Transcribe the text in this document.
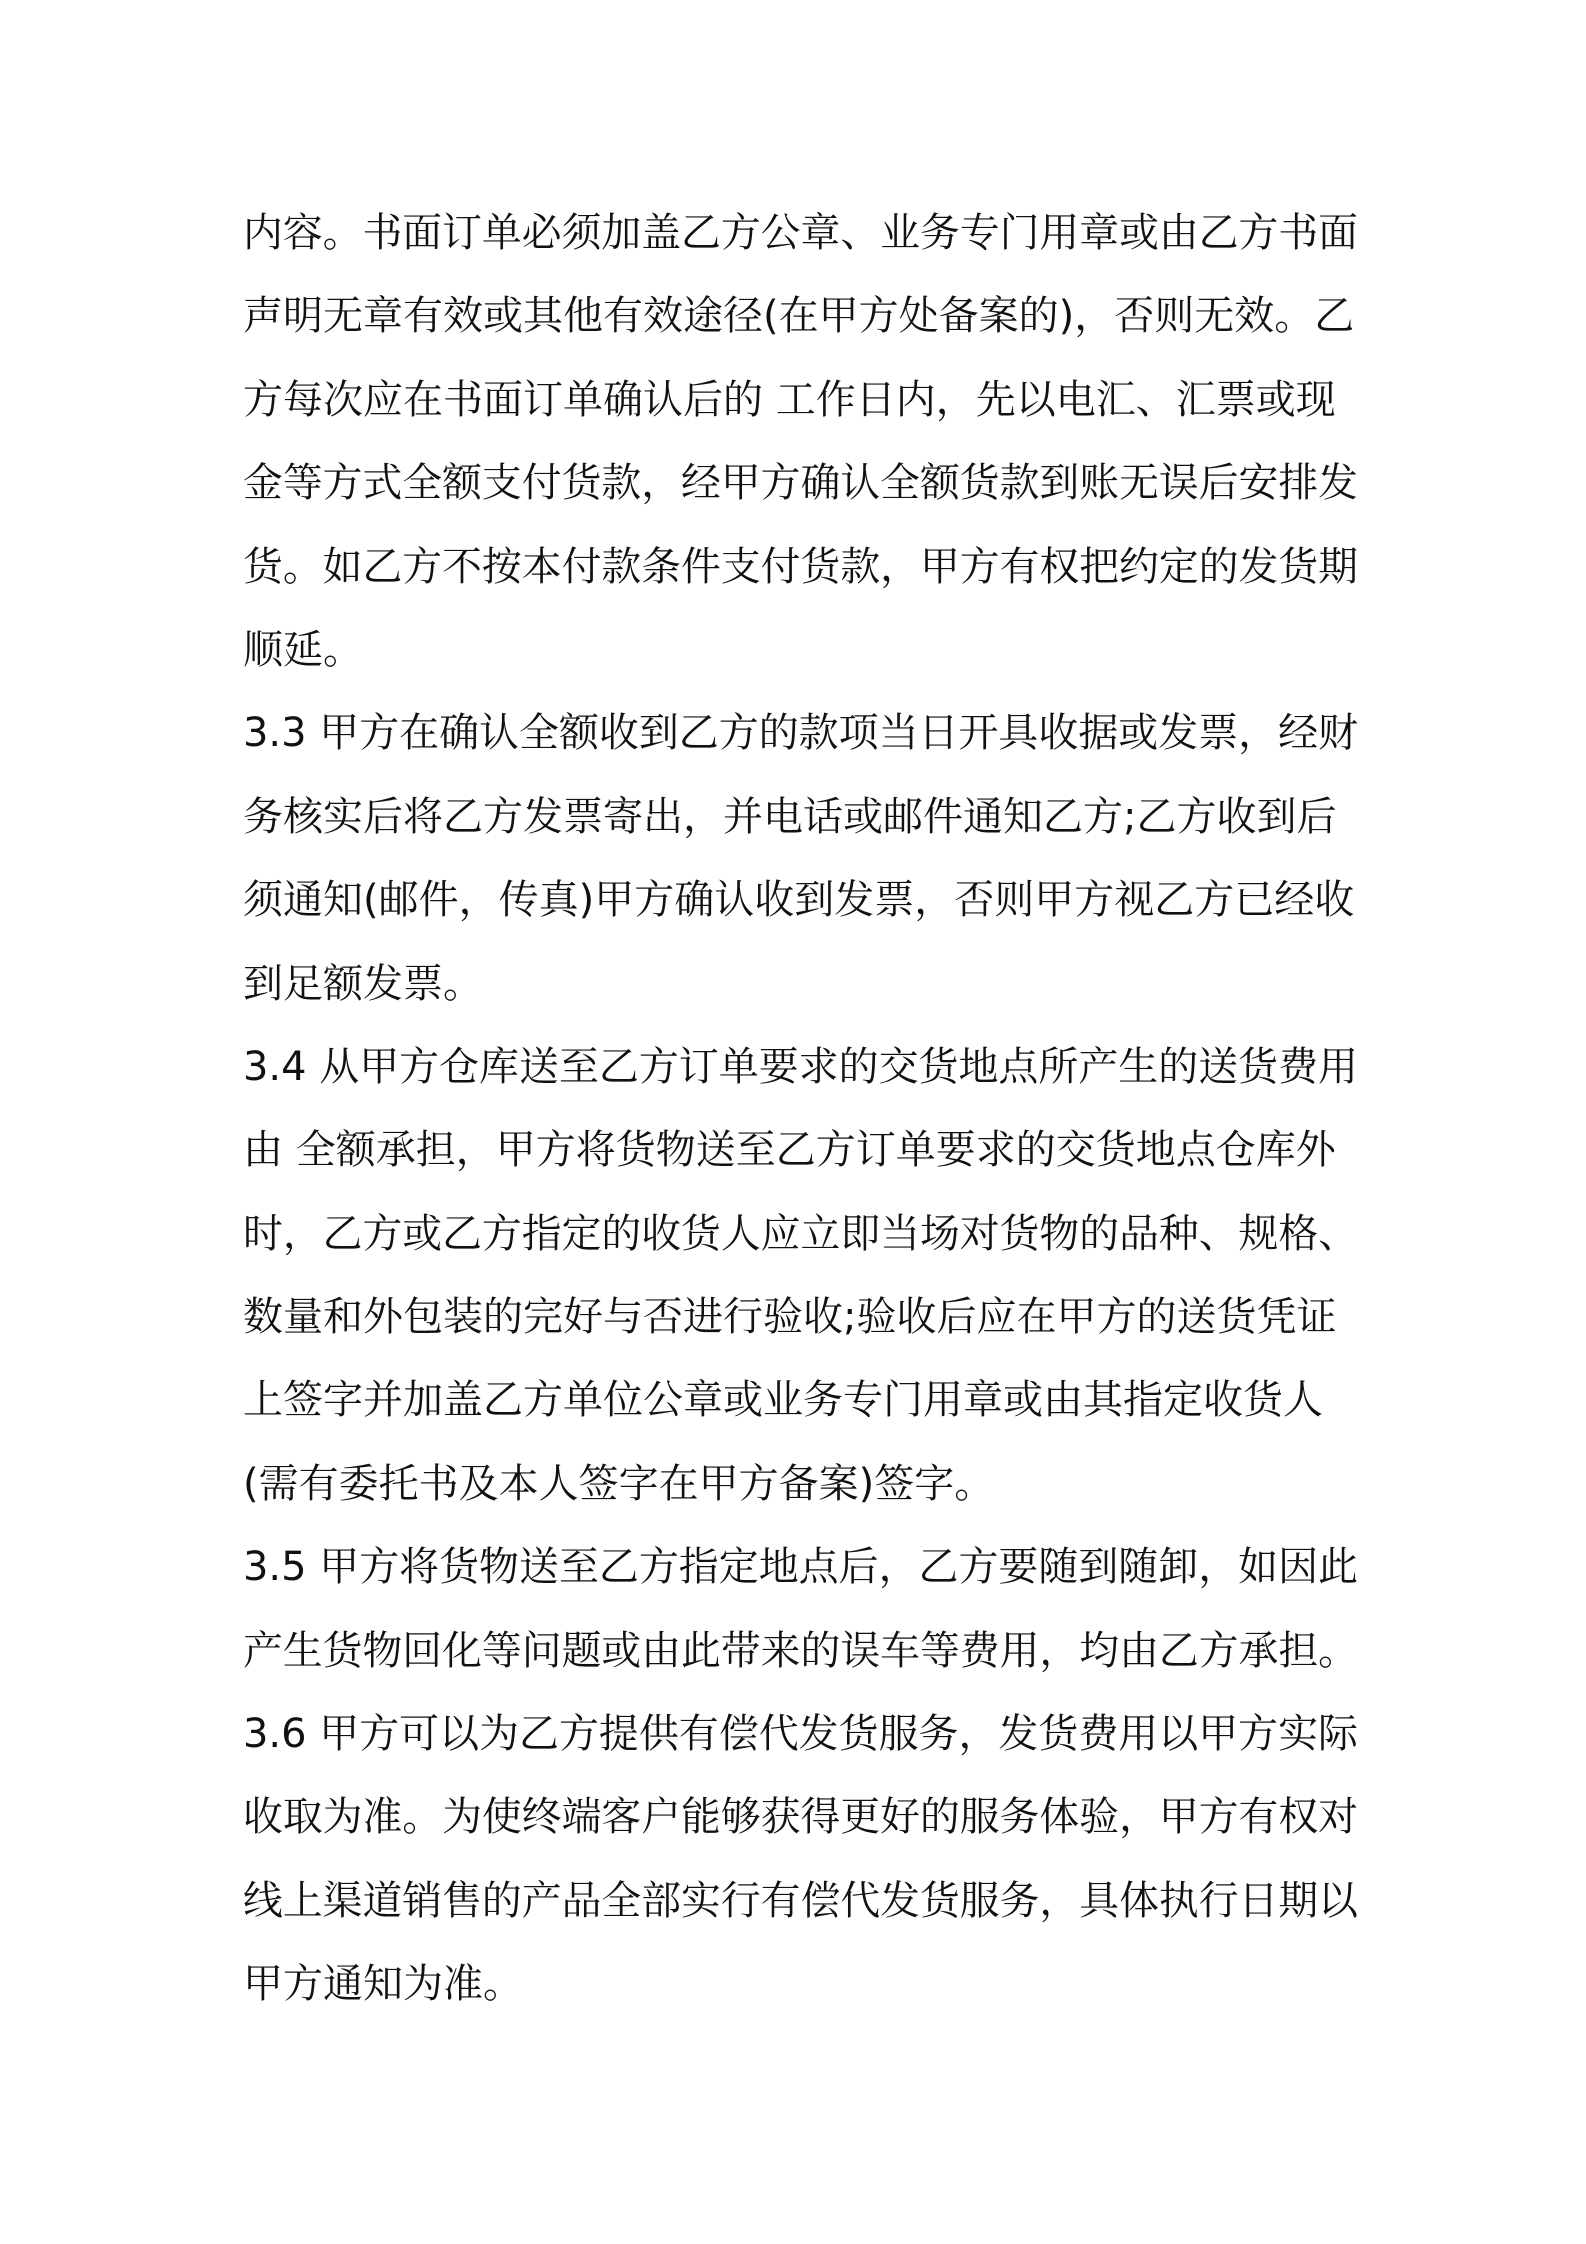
内容。书面订单必须加盖乙方公章、业务专门用章或由乙方书面
声明无章有效或其他有效途径(在甲方处备案的)，否则无效。乙
方每次应在书面订单确认后的 工作日内，先以电汇、汇票或现
金等方式全额支付货款，经甲方确认全额货款到账无误后安排发
货。如乙方不按本付款条件支付货款，甲方有权把约定的发货期
顺延。
3.3 甲方在确认全额收到乙方的款项当日开具收据或发票，经财
务核实后将乙方发票寄出，并电话或邮件通知乙方;乙方收到后
须通知(邮件，传真)甲方确认收到发票，否则甲方视乙方已经收
到足额发票。
3.4 从甲方仓库送至乙方订单要求的交货地点所产生的送货费用
由 全额承担，甲方将货物送至乙方订单要求的交货地点仓库外
时，乙方或乙方指定的收货人应立即当场对货物的品种、规格、
数量和外包装的完好与否进行验收;验收后应在甲方的送货凭证
上签字并加盖乙方单位公章或业务专门用章或由其指定收货人
(需有委托书及本人签字在甲方备案)签字。
3.5 甲方将货物送至乙方指定地点后，乙方要随到随卸，如因此
产生货物回化等问题或由此带来的误车等费用，均由乙方承担。
3.6 甲方可以为乙方提供有偿代发货服务，发货费用以甲方实际
收取为准。为使终端客户能够获得更好的服务体验，甲方有权对
线上渠道销售的产品全部实行有偿代发货服务，具体执行日期以
甲方通知为准。
